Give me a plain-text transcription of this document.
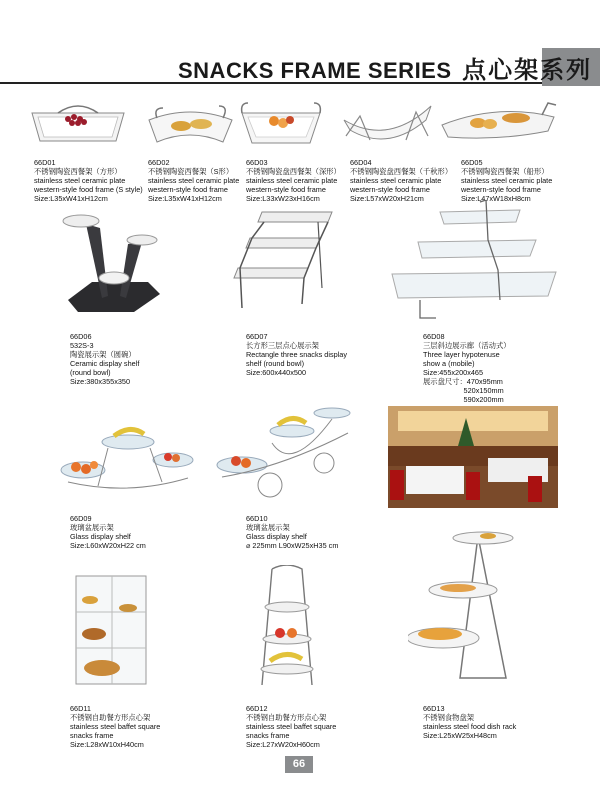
SNACKS FRAME SERIES 点心架系列
66D01
不锈钢陶瓷西餐架（方形）
stainless steel ceramic plate
western-style food frame (S style)
Size:L35xW41xH12cm
66D02
不锈钢陶瓷西餐架（S形）
stainless steel ceramic plate
western-style food frame
Size:L35xW41xH12cm
66D03
不锈钢陶瓷盘西餐架（深形）
stainless steel ceramic plate
western-style food frame
Size:L33xW23xH16cm
66D04
不锈钢陶瓷盘西餐架（千秋形）
stainless steel ceramic plate
western-style food frame
Size:L57xW20xH21cm
66D05
不锈钢陶瓷西餐架（船形）
stainless steel ceramic plate
western-style food frame
Size:L47xW18xH8cm
66D06
532S-3
陶瓷展示架（圆碗）
Ceramic display shelf
(round bowl)
Size:380x355x350
66D07
长方形三层点心展示架
Rectangle three snacks display
shelf (round bowl)
Size:600x440x500
66D08
三层斜边展示廊（活动式）
Three layer hypotenuse
show a (mobile)
Size:455x200x465
展示盘尺寸：470x95mm
520x150mm
590x200mm
66D09
玻璃盆展示架
Glass display shelf
Size:L60xW20xH22 cm
66D10
玻璃盆展示架
Glass display shelf
⌀ 225mm L90xW25xH35 cm
66D11
不锈钢自助餐方形点心架
stainless steel baffet square
snacks frame
Size:L28xW10xH40cm
66D12
不锈钢自助餐方形点心架
stainless steel baffet square
snacks frame
Size:L27xW20xH60cm
66D13
不锈钢食物盘架
stainless steel food dish rack
Size:L25xW25xH48cm
66
